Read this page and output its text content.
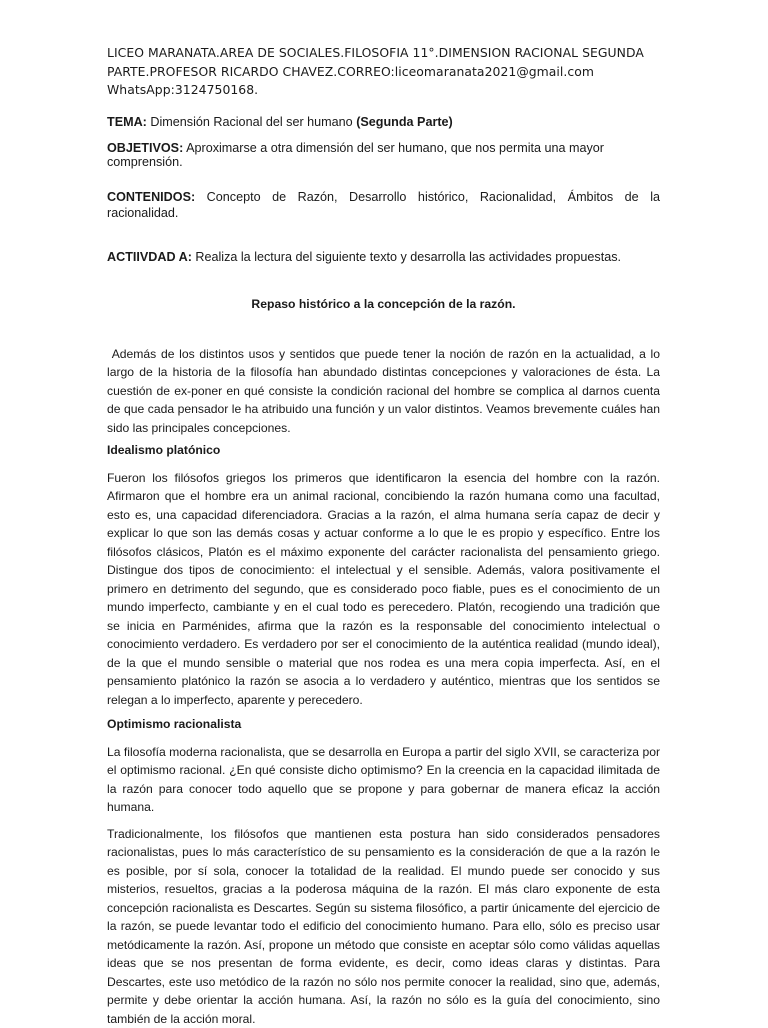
LICEO MARANATA.AREA DE SOCIALES.FILOSOFIA 11°.DIMENSION RACIONAL SEGUNDA
PARTE.PROFESOR RICARDO CHAVEZ.CORREO:liceomaranata2021@gmail.com
WhatsApp:3124750168.

TEMA: Dimensión Racional del ser humano (Segunda Parte)

OBJETIVOS: Aproximarse a otra dimensión del ser humano, que nos permita una mayor comprensión.

CONTENIDOS: Concepto de Razón, Desarrollo histórico, Racionalidad, Ámbitos de la racionalidad.

ACTIIVDAD A: Realiza la lectura del siguiente texto y desarrolla las actividades propuestas.

Repaso histórico a la concepción de la razón.

Además de los distintos usos y sentidos que puede tener la noción de razón en la actualidad, a lo largo de la historia de la filosofía han abundado distintas concepciones y valoraciones de ésta. La cuestión de ex-poner en qué consiste la condición racional del hombre se complica al darnos cuenta de que cada pensador le ha atribuido una función y un valor distintos. Veamos brevemente cuáles han sido las principales concepciones.

Idealismo platónico

Fueron los filósofos griegos los primeros que identificaron la esencia del hombre con la razón. Afirmaron que el hombre era un animal racional, concibiendo la razón humana como una facultad, esto es, una capacidad diferenciadora. Gracias a la razón, el alma humana sería capaz de decir y explicar lo que son las demás cosas y actuar conforme a lo que le es propio y específico. Entre los filósofos clásicos, Platón es el máximo exponente del carácter racionalista del pensamiento griego. Distingue dos tipos de conocimiento: el intelectual y el sensible. Además, valora positivamente el primero en detrimento del segundo, que es considerado poco fiable, pues es el conocimiento de un mundo imperfecto, cambiante y en el cual todo es perecedero. Platón, recogiendo una tradición que se inicia en Parménides, afirma que la razón es la responsable del conocimiento intelectual o conocimiento verdadero. Es verdadero por ser el conocimiento de la auténtica realidad (mundo ideal), de la que el mundo sensible o material que nos rodea es una mera copia imperfecta. Así, en el pensamiento platónico la razón se asocia a lo verdadero y auténtico, mientras que los sentidos se relegan a lo imperfecto, aparente y perecedero.

Optimismo racionalista

La filosofía moderna racionalista, que se desarrolla en Europa a partir del siglo XVII, se caracteriza por el optimismo racional. ¿En qué consiste dicho optimismo? En la creencia en la capacidad ilimitada de la razón para conocer todo aquello que se propone y para gobernar de manera eficaz la acción humana.

Tradicionalmente, los filósofos que mantienen esta postura han sido considerados pensadores racionalistas, pues lo más característico de su pensamiento es la consideración de que a la razón le es posible, por sí sola, conocer la totalidad de la realidad. El mundo puede ser conocido y sus misterios, resueltos, gracias a la poderosa máquina de la razón. El más claro exponente de esta concepción racionalista es Descartes. Según su sistema filosófico, a partir únicamente del ejercicio de la razón, se puede levantar todo el edificio del conocimiento humano. Para ello, sólo es preciso usar metódicamente la razón. Así, propone un método que consiste en aceptar sólo como válidas aquellas ideas que se nos presentan de forma evidente, es decir, como ideas claras y distintas. Para Descartes, este uso metódico de la razón no sólo nos permite conocer la realidad, sino que, además, permite y debe orientar la acción humana. Así, la razón no sólo es la guía del conocimiento, sino también de la acción moral.
